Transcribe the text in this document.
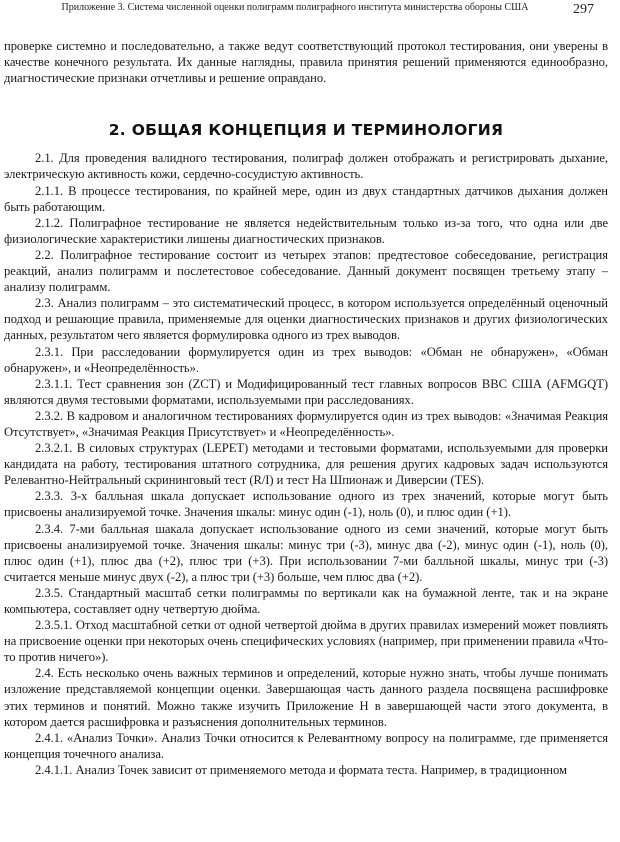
Приложение 3. Система численной оценки полиграмм полиграфного института министерства обороны США	297

проверке системно и последовательно, а также ведут соответствующий протокол тестирования, они уверены в качестве конечного результата. Их данные наглядны, правила принятия решений применяются единообразно, диагностические признаки отчетливы и решение оправдано.

2. ОБЩАЯ КОНЦЕПЦИЯ И ТЕРМИНОЛОГИЯ

2.1. Для проведения валидного тестирования, полиграф должен отображать и регистрировать дыхание, электрическую активность кожи, сердечно-сосудистую активность.

2.1.1. В процессе тестирования, по крайней мере, один из двух стандартных датчиков дыхания должен быть работающим.

2.1.2. Полиграфное тестирование не является недействительным только из-за того, что одна или две физиологические характеристики лишены диагностических признаков.

2.2. Полиграфное тестирование состоит из четырех этапов: предтестовое собеседование, регистрация реакций, анализ полиграмм и послетестовое собеседование. Данный документ посвящен третьему этапу – анализу полиграмм.

2.3. Анализ полиграмм – это систематический процесс, в котором используется определённый оценочный подход и решающие правила, применяемые для оценки диагностических признаков и других физиологических данных, результатом чего является формулировка одного из трех выводов.

2.3.1. При расследовании формулируется один из трех выводов: «Обман не обнаружен», «Обман обнаружен», и «Неопределённость».

2.3.1.1. Тест сравнения зон (ZCT) и Модифицированный тест главных вопросов BBC США (AFMGQT) являются двумя тестовыми форматами, используемыми при расследованиях.

2.3.2. В кадровом и аналогичном тестированиях формулируется один из трех выводов: «Значимая Реакция Отсутствует», «Значимая Реакция Присутствует» и «Неопределённость».

2.3.2.1. В силовых структурах (LEPET) методами и тестовыми форматами, используемыми для проверки кандидата на работу, тестирования штатного сотрудника, для решения других кадровых задач используются Релевантно-Нейтральный скрининговый тест (R/I) и тест На Шпионаж и Диверсии (TES).

2.3.3. 3-х балльная шкала допускает использование одного из трех значений, которые могут быть присвоены анализируемой точке. Значения шкалы: минус один (-1), ноль (0), и плюс один (+1).

2.3.4. 7-ми балльная шакала допускает использование одного из семи значений, которые могут быть присвоены анализируемой точке. Значения шкалы: минус три (-3), минус два (-2), минус один (-1), ноль (0), плюс один (+1), плюс два (+2), плюс три (+3). При использовании 7-ми балльной шкалы, минус три (-3) считается меньше минус двух (-2), а плюс три (+3) больше, чем плюс два (+2).

2.3.5. Стандартный масштаб сетки полиграммы по вертикали как на бумажной ленте, так и на экране компьютера, составляет одну четвертую дюйма.

2.3.5.1. Отход масштабной сетки от одной четвертой дюйма в других правилах измерений может повлиять на присвоение оценки при некоторых очень специфических условиях (например, при применении правила «Что-то против ничего»).

2.4. Есть несколько очень важных терминов и определений, которые нужно знать, чтобы лучше понимать изложение представляемой концепции оценки. Завершающая часть данного раздела посвящена расшифровке этих терминов и понятий. Можно также изучить Приложение Н в завершающей части этого документа, в котором дается расшифровка и разъяснения дополнительных терминов.

2.4.1. «Анализ Точки». Анализ Точки относится к Релевантному вопросу на полиграмме, где применяется концепция точечного анализа.

2.4.1.1. Анализ Точек зависит от применяемого метода и формата теста. Например, в традиционном
